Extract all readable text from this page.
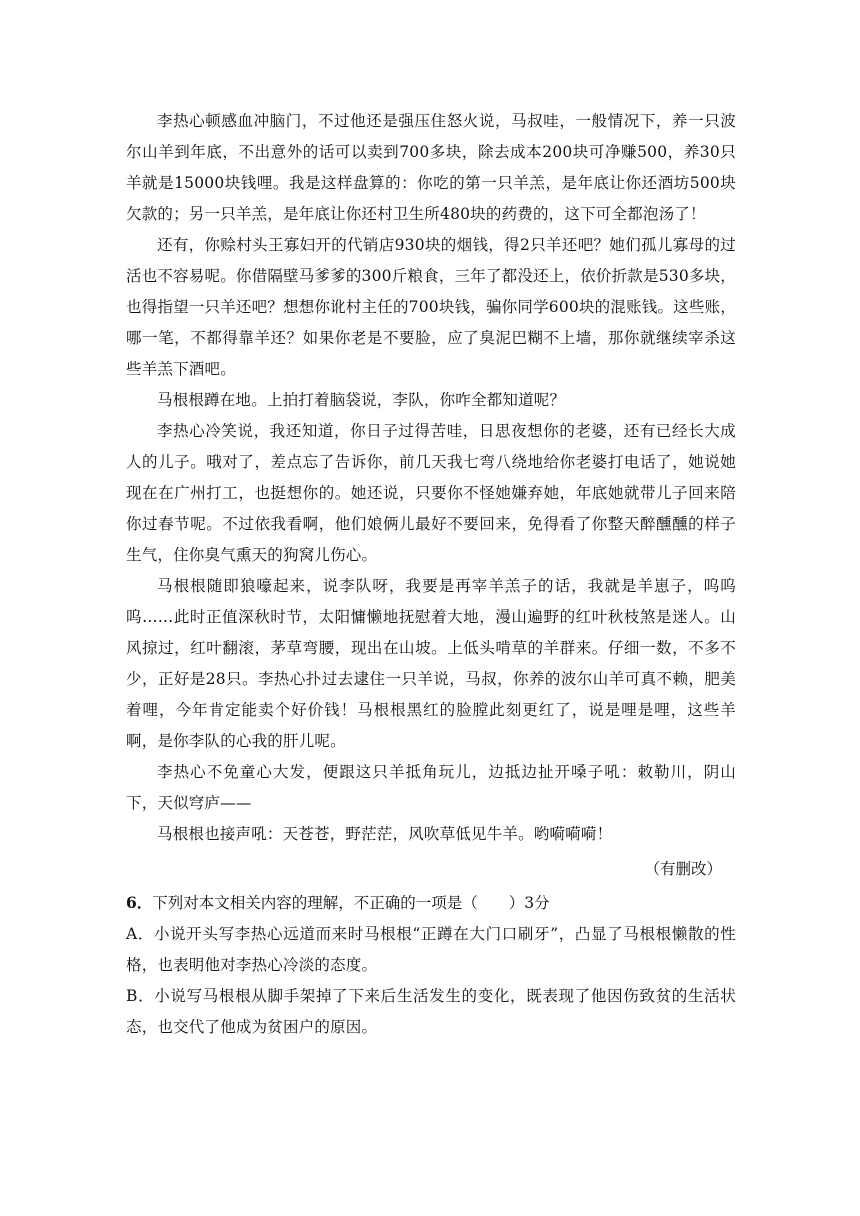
李热心顿感血冲脑门，不过他还是强压住怒火说，马叔哇，一般情况下，养一只波尔山羊到年底，不出意外的话可以卖到700多块，除去成本200块可净赚500，养30只羊就是15000块钱哩。我是这样盘算的：你吃的第一只羊羔，是年底让你还酒坊500块欠款的；另一只羊羔，是年底让你还村卫生所480块的药费的，这下可全都泡汤了！

还有，你赊村头王寡妇开的代销店930块的烟钱，得2只羊还吧？她们孤儿寡母的过活也不容易呢。你借隔壁马爹爹的300斤粮食，三年了都没还上，依价折款是530多块，也得指望一只羊还吧？想想你讹村主任的700块钱，骗你同学600块的混账钱。这些账，哪一笔，不都得靠羊还？如果你老是不要脸，应了臭泥巴糊不上墙，那你就继续宰杀这些羊羔下酒吧。

马根根蹲在地。上拍打着脑袋说，李队，你咋全都知道呢？

李热心冷笑说，我还知道，你日子过得苦哇，日思夜想你的老婆，还有已经长大成人的儿子。哦对了，差点忘了告诉你，前几天我七弯八绕地给你老婆打电话了，她说她现在在广州打工，也挺想你的。她还说，只要你不怪她嫌弃她，年底她就带儿子回来陪你过春节呢。不过依我看啊，他们娘俩儿最好不要回来，免得看了你整天醉醺醺的样子生气，住你臭气熏天的狗窝儿伤心。

马根根随即狼嚎起来，说李队呀，我要是再宰羊羔子的话，我就是羊崽子，呜呜呜……此时正值深秋时节，太阳慵懒地抚慰着大地，漫山遍野的红叶秋枝煞是迷人。山风掠过，红叶翻滚，茅草弯腰，现出在山坡。上低头啃草的羊群来。仔细一数，不多不少，正好是28只。李热心扑过去逮住一只羊说，马叔，你养的波尔山羊可真不赖，肥美着哩，今年肯定能卖个好价钱！马根根黑红的脸膛此刻更红了，说是哩是哩，这些羊啊，是你李队的心我的肝儿呢。

李热心不免童心大发，便跟这只羊抵角玩儿，边抵边扯开嗓子吼：敕勒川，阴山下，天似穹庐——

马根根也接声吼：天苍苍，野茫茫，风吹草低见牛羊。哟嗬嗬嗬！

（有删改）

6．下列对本文相关内容的理解，不正确的一项是（　　）3分

A．小说开头写李热心远道而来时马根根“正蹲在大门口刷牙”，凸显了马根根懒散的性格，也表明他对李热心冷淡的态度。

B．小说写马根根从脚手架掉了下来后生活发生的变化，既表现了他因伤致贫的生活状态，也交代了他成为贫困户的原因。
